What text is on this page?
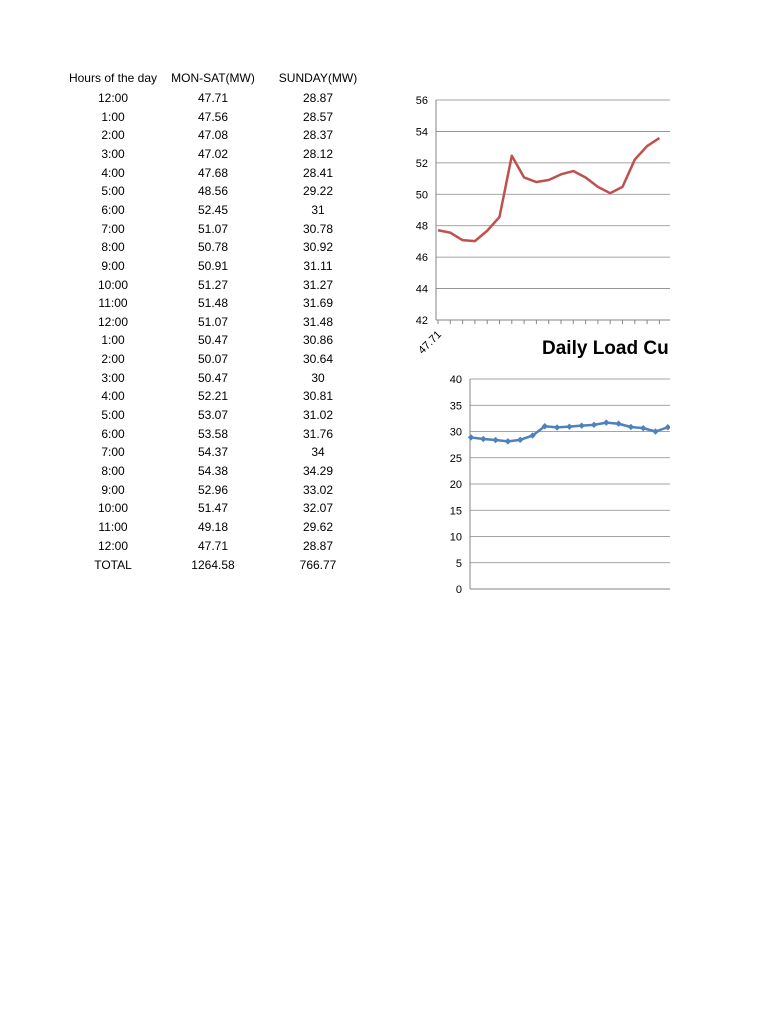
Hours of the day MON-SAT(MW) SUNDAY(MW)
12:00	47.71	28.87
1:00	47.56	28.57
2:00	47.08	28.37
3:00	47.02	28.12
4:00	47.68	28.41
5:00	48.56	29.22
6:00	52.45	31
7:00	51.07	30.78
8:00	50.78	30.92
9:00	50.91	31.11
10:00	51.27	31.27
11:00	51.48	31.69
12:00	51.07	31.48
1:00	50.47	30.86
2:00	50.07	30.64
3:00	50.47	30
4:00	52.21	30.81
5:00	53.07	31.02
6:00	53.58	31.76
7:00	54.37	34
8:00	54.38	34.29
9:00	52.96	33.02
10:00	51.47	32.07
11:00	49.18	29.62
12:00	47.71	28.87
TOTAL	1264.58	766.77
42
44
46
48
50
52
54
56
47.71
0
5
10
15
20
25
30
35
40
Daily Load Cu
